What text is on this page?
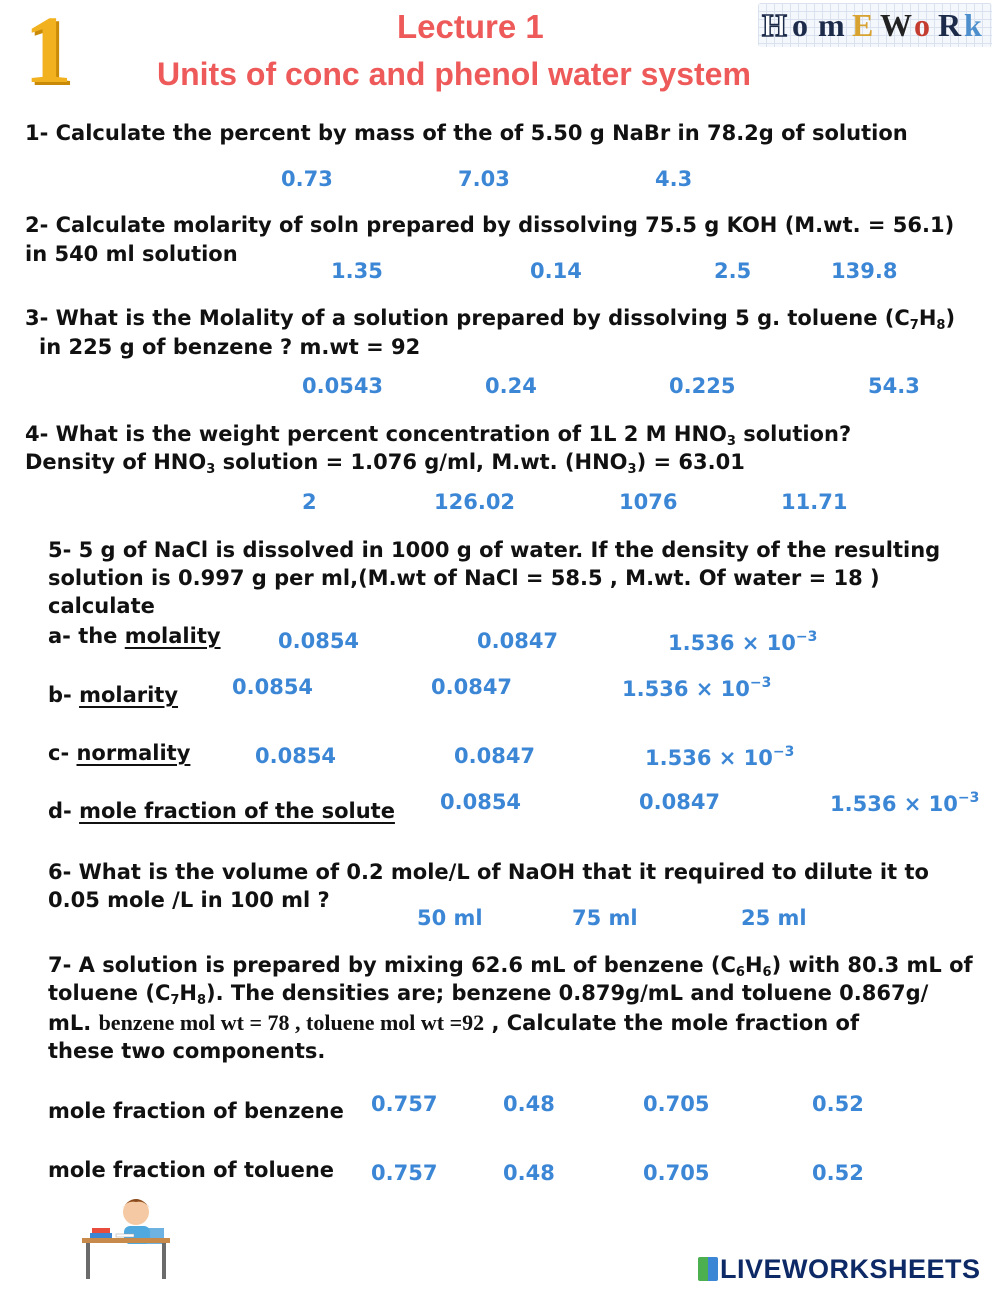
1	Lecture 1
Units of conc and phenol water system
H o m E W o R k
1- Calculate the percent by mass of the of 5.50 g NaBr in 78.2g of solution
0.73	7.03	4.3
2- Calculate molarity of soln prepared by dissolving 75.5 g KOH (M.wt. = 56.1)
in 540 ml solution
1.35	0.14	2.5	139.8
3- What is the Molality of a solution prepared by dissolving 5 g. toluene $(C_7H_8)$
in 225 g of benzene ? m.wt = 92
0.0543	0.24	0.225	54.3
4- What is the weight percent concentration of 1L 2 M $HNO_3$ solution?
Density of $HNO_3$ solution = 1.076 g/ml, M.wt. $(HNO_3) = 63.01$
2	126.02	1076	11.71
5- 5 g of NaCl is dissolved in 1000 g of water. If the density of the resulting
solution is 0.997 g per ml,(M.wt of NaCl = 58.5 , M.wt. Of water = 18 )
calculate
a- the molality	0.0854	0.0847	$1.536 \times 10^{-3}$
b- molarity	0.0854	0.0847	$1.536 \times 10^{-3}$
c- normality	0.0854	0.0847	$1.536 \times 10^{-3}$
d- mole fraction of the solute 0.0854	0.0847	$1.536 \times 10^{-3}$
6- What is the volume of 0.2 mole/L of NaOH that it required to dilute it to
0.05 mole /L in 100 ml ?
50 ml	75 ml	25 ml
7- A solution is prepared by mixing 62.6 mL of benzene $(C_6H_6)$ with 80.3 mL of
toluene $(C_7H_8)$. The densities are; benzene 0.879g/mL and toluene 0.867g/
mL. benzene mol wt = 78 , toluene mol wt =92 , Calculate the mole fraction of
these two components.
mole fraction of benzene 0.757	0.48	0.705	0.52
mole fraction of toluene 0.757	0.48	0.705	0.52
LIVEWORKSHEETS
